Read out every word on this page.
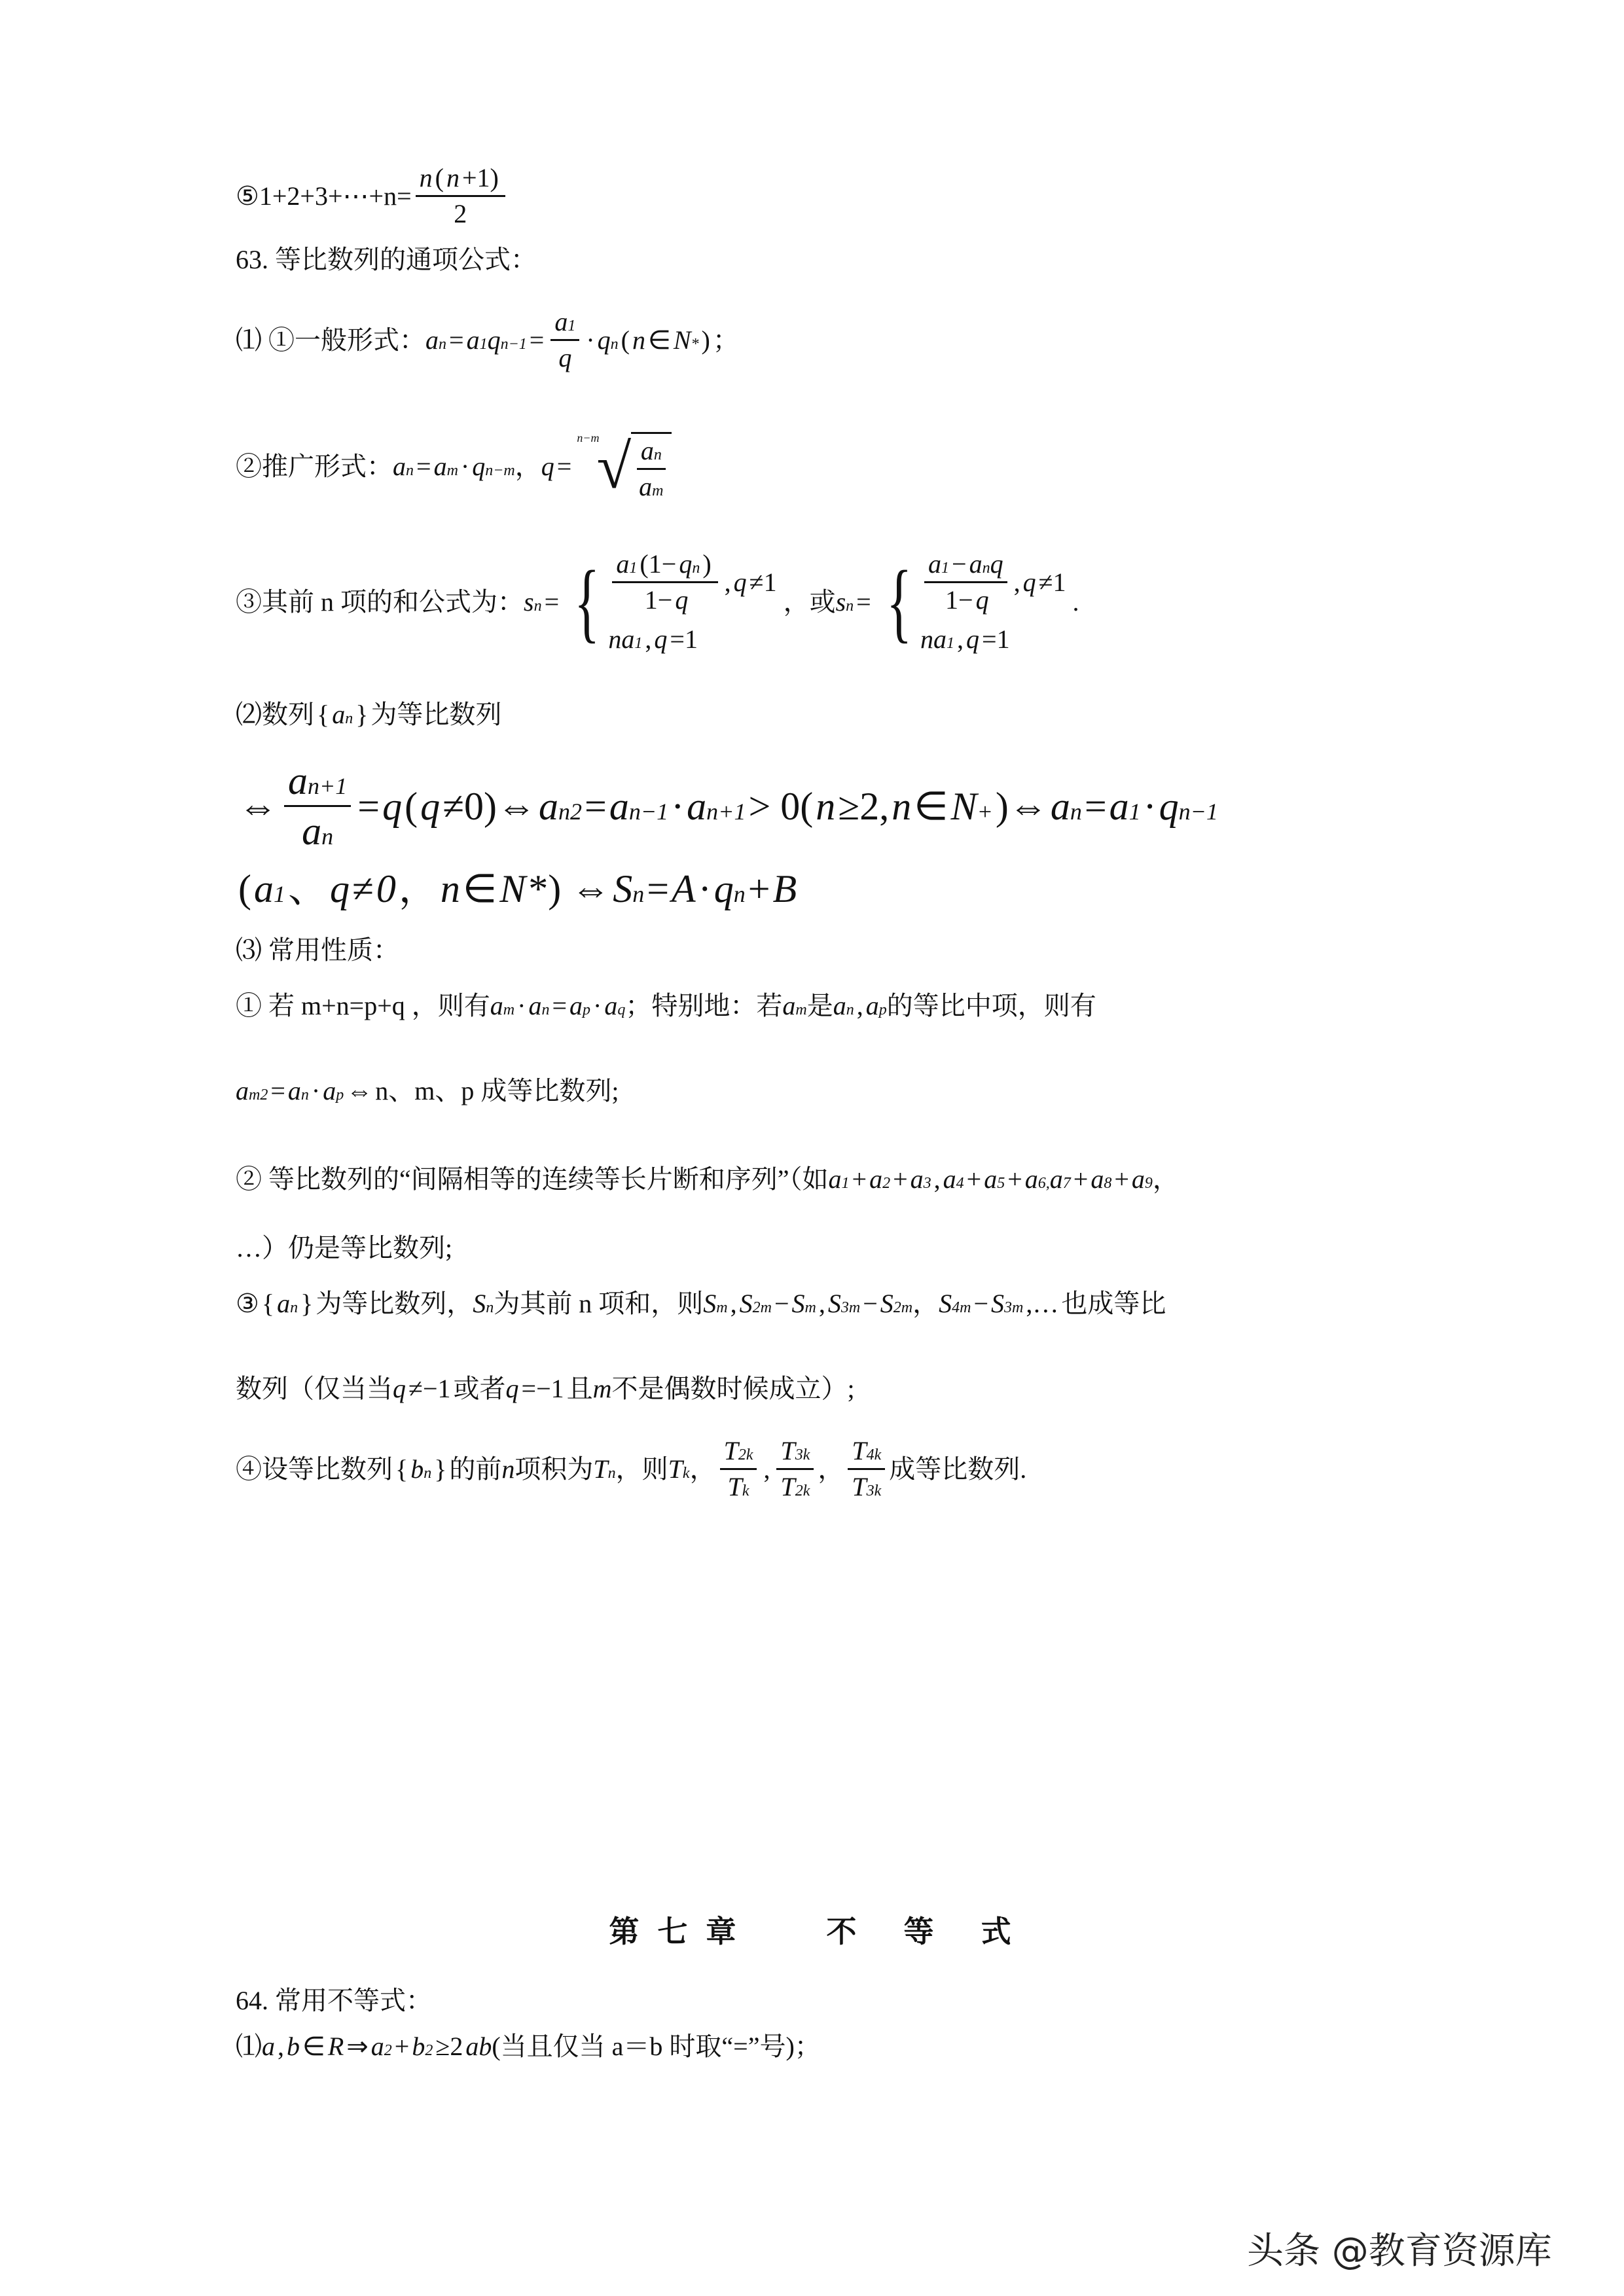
⑤1+2+3+⋯+n= $\frac{n ( n +1)}{2}$
63. 等比数列的通项公式：
⑴ ①一般形式： a n = a 1 q $n-1 = \frac{a 1}{q} \cdot q$ n ( n ∈ N * ) ；
②推广形式： a n = a m · q n−m ， q =
n−m
√ $\frac{\text{a n}}{\text{a m}}$
③其前 n 项的和公式为： s n = { $\frac{\text{a 1 (1− q n )}}{1- q}$ , q ≠1
na 1 , q =1
，或 s n = { $\frac{\text{a 1 − a n q}}{1- q}$ , q ≠1
na 1 , q =1
.
⑵数列 { a n } 为等比数列
⇔ $\frac{\text{a n+1}}{\text{a n}} = q$ ( q ≠0)⇔ a n 2 = a n−1 · a n+1 > 0( n ≥2, n ∈ N + )⇔ a n = a 1 · q n−1
( a 1 、 q ≠ 0 ， n ∈ N *) ⇔ S n = A · q n + B
⑶ 常用性质：
① 若 m+n=p+q ，则有 a m · a n = a p · a q ；特别地：若 a m 是 a n , a p 的等比中项，则有
a m 2 = a n · a p ⇔ n、m、p 成等比数列;
② 等比数列的“间隔相等的连续等长片断和序列”（如 a 1 + a 2 + a 3 , a 4 + a 5 + a 6, a 7 + a 8 + a 9 ，
…）仍是等比数列;
③ { a n } 为等比数列， S n 为其前 n 项和，则 S m , S 2m − S m , S 3m − S 2m ， S 4m − S 3m ,… 也成等比
数列（仅当当 q ≠−1 或者 q =−1 且 m 不是偶数时候成立）;
④设等比数列 { b n } 的前 n 项积为 T n ，则 T k ， $\frac{T 2k}{\text{T k}}$ , $\frac{T 3k}{T 2k}$ ， $\frac{T 4k}{T 3k}$ 成等比数列.
64. 常用不等式：
⑴ a , b ∈ R ⇒ a 2 + b 2 ≥2 ab (当且仅当 a＝b 时取“=”号)；
第 七 章      不   等   式
头条 @教育资源库
